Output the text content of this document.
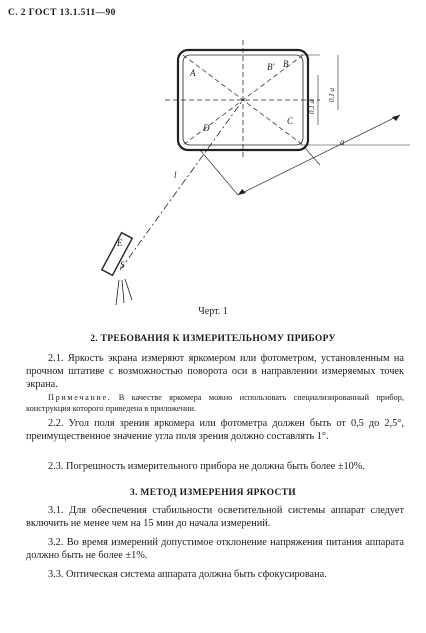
С. 2 ГОСТ 13.1.511—90
A
B' B
C
D
E
S
l
a
0,1 a
0,1 a
Черт. 1
2. ТРЕБОВАНИЯ К ИЗМЕРИТЕЛЬНОМУ ПРИБОРУ
2.1. Яркость экрана измеряют яркомером или фотометром, установленным на прочном штативе с возможностью поворота оси в направлении измеряемых точек экрана.
Примечание. В качестве яркомера можно использовать специализированный прибор, конструкция которого приведена в приложении.
2.2. Угол поля зрения яркомера или фотометра должен быть от 0,5 до 2,5°, преимущественное значение угла поля зрения должно составлять 1°.
2.3. Погрешность измерительного прибора не должна быть более ±10%.
3. МЕТОД ИЗМЕРЕНИЯ ЯРКОСТИ
3.1. Для обеспечения стабильности осветительной системы аппарат следует включить не менее чем на 15 мин до начала измерений.
3.2. Во время измерений допустимое отклонение напряжения питания аппарата должно быть не более ±1%.
3.3. Оптическая система аппарата должна быть сфокусирована.
